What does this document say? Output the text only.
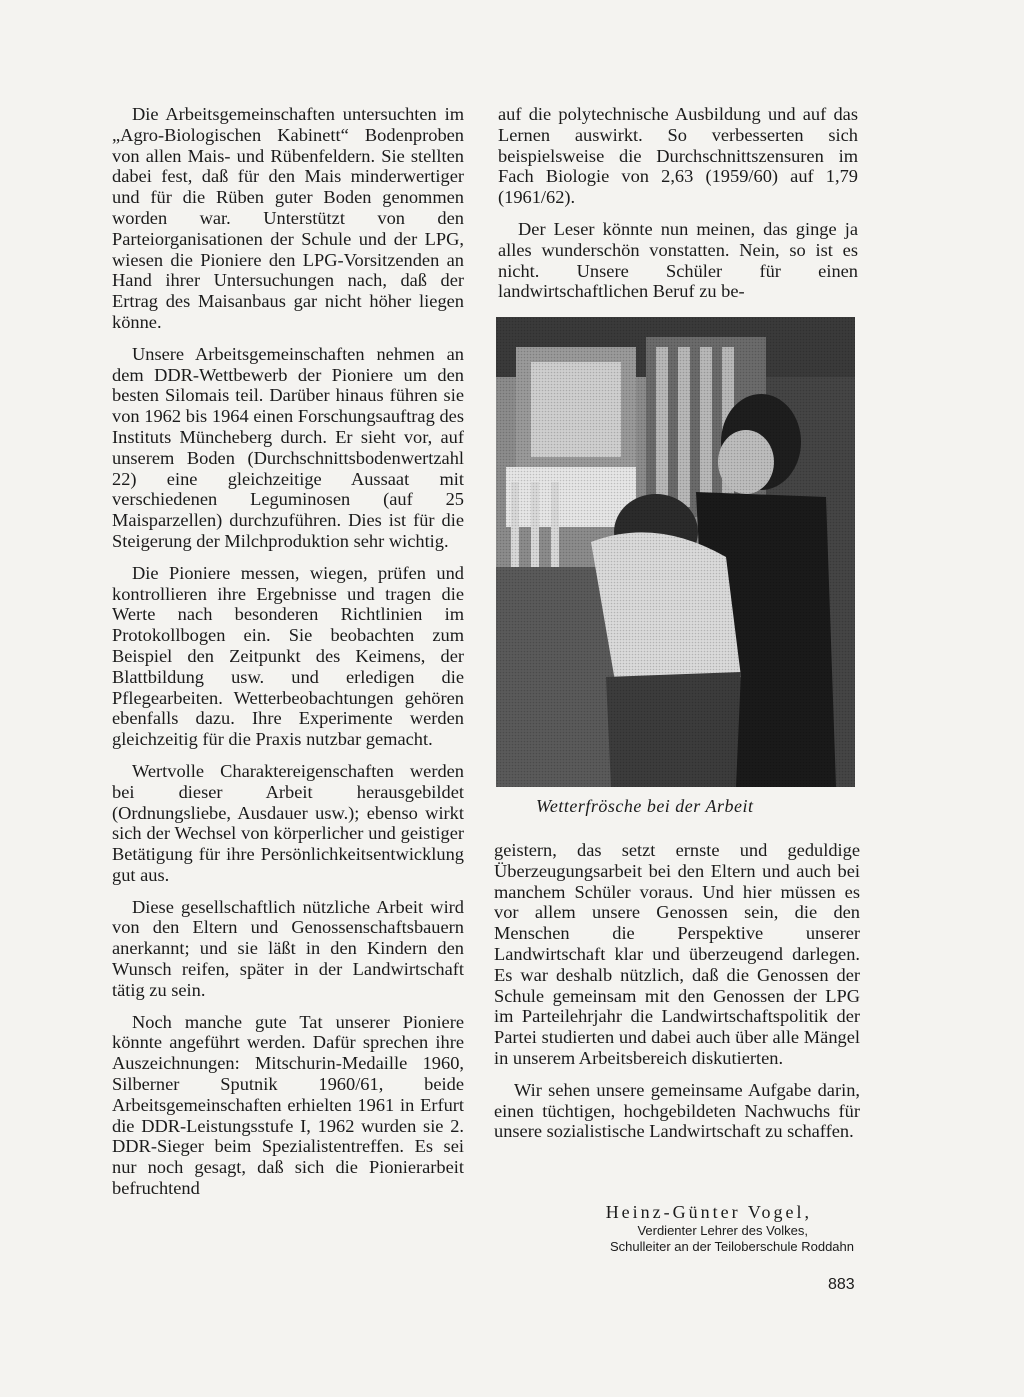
Die Arbeitsgemeinschaften untersuchten im „Agro-Biologischen Kabinett“ Bodenproben von allen Mais- und Rübenfeldern. Sie stellten dabei fest, daß für den Mais minderwertiger und für die Rüben guter Boden genommen worden war. Unterstützt von den Parteiorganisationen der Schule und der LPG, wiesen die Pioniere den LPG-Vorsitzenden an Hand ihrer Untersuchungen nach, daß der Ertrag des Maisanbaus gar nicht höher liegen könne.

Unsere Arbeitsgemeinschaften nehmen an dem DDR-Wettbewerb der Pioniere um den besten Silomais teil. Darüber hinaus führen sie von 1962 bis 1964 einen Forschungsauftrag des Instituts Müncheberg durch. Er sieht vor, auf unserem Boden (Durchschnittsbodenwertzahl 22) eine gleichzeitige Aussaat mit verschiedenen Leguminosen (auf 25 Maisparzellen) durchzuführen. Dies ist für die Steigerung der Milchproduktion sehr wichtig.

Die Pioniere messen, wiegen, prüfen und kontrollieren ihre Ergebnisse und tragen die Werte nach besonderen Richtlinien im Protokollbogen ein. Sie beobachten zum Beispiel den Zeitpunkt des Keimens, der Blattbildung usw. und erledigen die Pflegearbeiten. Wetterbeobachtungen gehören ebenfalls dazu. Ihre Experimente werden gleichzeitig für die Praxis nutzbar gemacht.

Wertvolle Charaktereigenschaften werden bei dieser Arbeit herausgebildet (Ordnungsliebe, Ausdauer usw.); ebenso wirkt sich der Wechsel von körperlicher und geistiger Betätigung für ihre Persönlichkeitsentwicklung gut aus.

Diese gesellschaftlich nützliche Arbeit wird von den Eltern und Genossenschaftsbauern anerkannt; und sie läßt in den Kindern den Wunsch reifen, später in der Landwirtschaft tätig zu sein.

Noch manche gute Tat unserer Pioniere könnte angeführt werden. Dafür sprechen ihre Auszeichnungen: Mitschurin-Medaille 1960, Silberner Sputnik 1960/61, beide Arbeitsgemeinschaften erhielten 1961 in Erfurt die DDR-Leistungsstufe I, 1962 wurden sie 2. DDR-Sieger beim Spezialistentreffen. Es sei nur noch gesagt, daß sich die Pionierarbeit befruchtend

auf die polytechnische Ausbildung und auf das Lernen auswirkt. So verbesserten sich beispielsweise die Durchschnittszensuren im Fach Biologie von 2,63 (1959/60) auf 1,79 (1961/62).

Der Leser könnte nun meinen, das ginge ja alles wunderschön vonstatten. Nein, so ist es nicht. Unsere Schüler für einen landwirtschaftlichen Beruf zu be-

Wetterfrösche bei der Arbeit

geistern, das setzt ernste und geduldige Überzeugungsarbeit bei den Eltern und auch bei manchem Schüler voraus. Und hier müssen es vor allem unsere Genossen sein, die den Menschen die Perspektive unserer Landwirtschaft klar und überzeugend darlegen. Es war deshalb nützlich, daß die Genossen der Schule gemeinsam mit den Genossen der LPG im Parteilehrjahr die Landwirtschaftspolitik der Partei studierten und dabei auch über alle Mängel in unserem Arbeitsbereich diskutierten.

Wir sehen unsere gemeinsame Aufgabe darin, einen tüchtigen, hochgebildeten Nachwuchs für unsere sozialistische Landwirtschaft zu schaffen.

Heinz-Günter Vogel,
Verdienter Lehrer des Volkes,
Schulleiter an der Teiloberschule Roddahn
883
